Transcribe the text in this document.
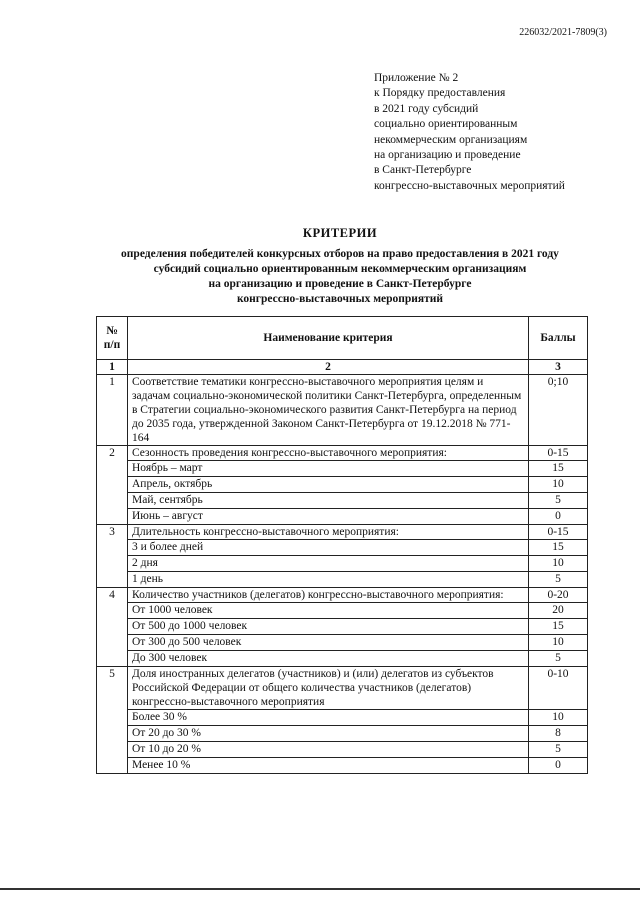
226032/2021-7809(3)
Приложение № 2
к Порядку предоставления
в 2021 году субсидий
социально ориентированным
некоммерческим организациям
на организацию и проведение
в Санкт-Петербурге
конгрессно-выставочных мероприятий
КРИТЕРИИ
определения победителей конкурсных отборов на право предоставления в 2021 году
субсидий социально ориентированным некоммерческим организациям
на организацию и проведение в Санкт-Петербурге
конгрессно-выставочных мероприятий
№ п/п	Наименование критерия	Баллы
1	2	3
1	Соответствие тематики конгрессно-выставочного мероприятия целям и задачам социально-экономической политики Санкт-Петербурга, определенным в Стратегии социально-экономического развития Санкт-Петербурга на период до 2035 года, утвержденной Законом Санкт-Петербурга от 19.12.2018 № 771-164	0;10
2	Сезонность проведения конгрессно-выставочного мероприятия:	0-15
	Ноябрь – март	15
	Апрель, октябрь	10
	Май, сентябрь	5
	Июнь – август	0
3	Длительность конгрессно-выставочного мероприятия:	0-15
	3 и более дней	15
	2 дня	10
	1 день	5
4	Количество участников (делегатов) конгрессно-выставочного мероприятия:	0-20
	От 1000 человек	20
	От 500 до 1000 человек	15
	От 300 до 500 человек	10
	До 300 человек	5
5	Доля иностранных делегатов (участников) и (или) делегатов из субъектов Российской Федерации от общего количества участников (делегатов) конгрессно-выставочного мероприятия	0-10
	Более 30 %	10
	От 20 до 30 %	8
	От 10 до 20 %	5
	Менее 10 %	0
